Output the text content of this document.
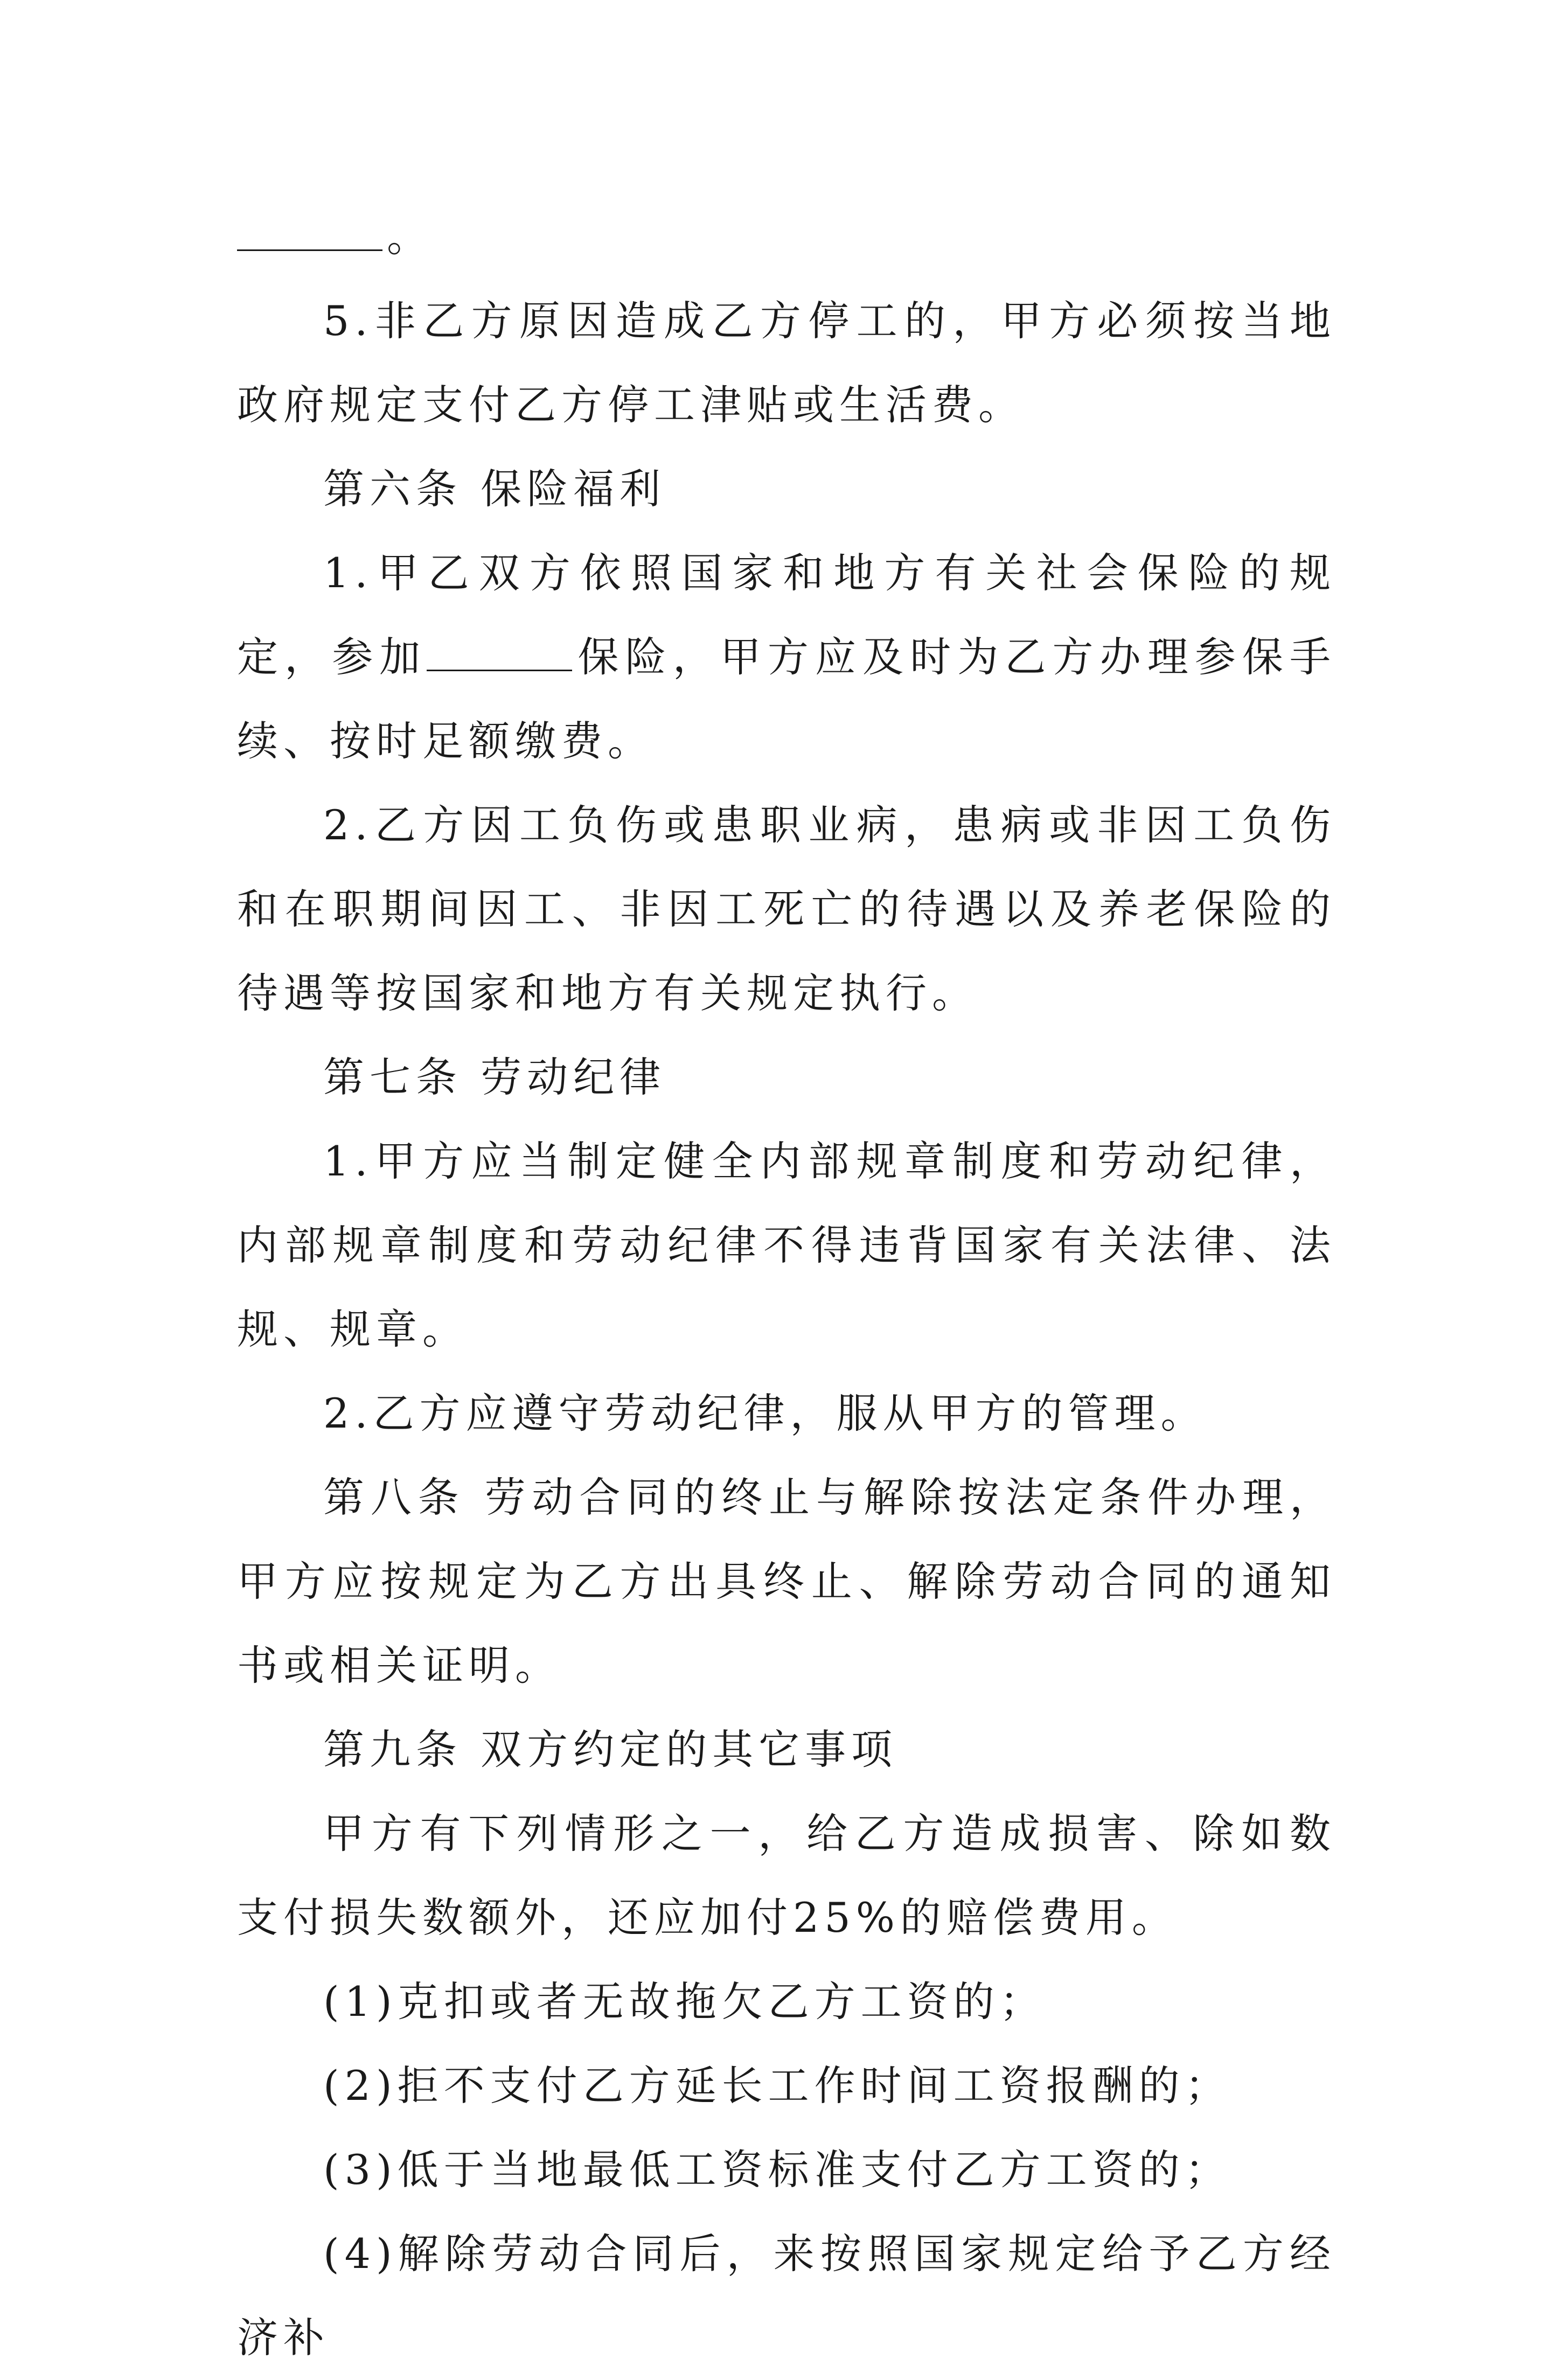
。

5.非乙方原因造成乙方停工的，甲方必须按当地政府规定支付乙方停工津贴或生活费。

第六条 保险福利

1.甲乙双方依照国家和地方有关社会保险的规定，参加	保险，甲方应及时为乙方办理参保手续、按时足额缴费。

2.乙方因工负伤或患职业病，患病或非因工负伤和在职期间因工、非因工死亡的待遇以及养老保险的待遇等按国家和地方有关规定执行。

第七条 劳动纪律

1.甲方应当制定健全内部规章制度和劳动纪律，内部规章制度和劳动纪律不得违背国家有关法律、法规、规章。

2.乙方应遵守劳动纪律，服从甲方的管理。

第八条 劳动合同的终止与解除按法定条件办理，甲方应按规定为乙方出具终止、解除劳动合同的通知书或相关证明。

第九条 双方约定的其它事项

甲方有下列情形之一，给乙方造成损害、除如数支付损失数额外，还应加付25%的赔偿费用。

(1)克扣或者无故拖欠乙方工资的；

(2)拒不支付乙方延长工作时间工资报酬的；

(3)低于当地最低工资标准支付乙方工资的；

(4)解除劳动合同后，来按照国家规定给予乙方经济补
